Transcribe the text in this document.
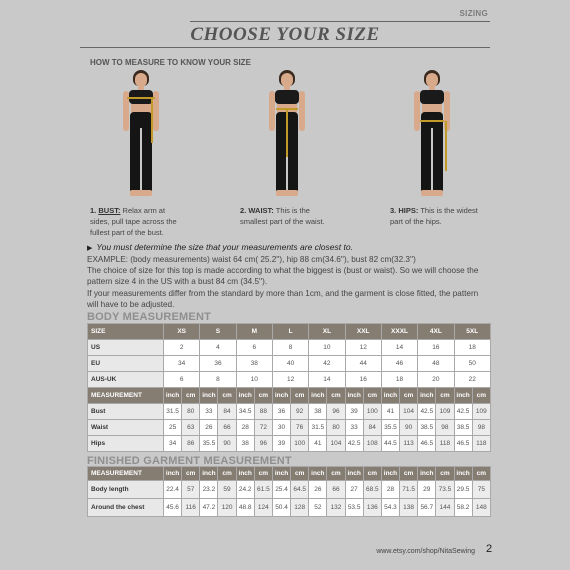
SIZING
CHOOSE YOUR SIZE
HOW TO MEASURE TO KNOW YOUR SIZE
1. BUST: Relax arm at sides, pull tape across the fullest part of the bust.
2. WAIST: This is the smallest part of the waist.
3. HIPS: This is the widest part of the hips.
▶ You must determine the size that your measurements are closest to.
EXAMPLE: (body measurements) waist 64 cm( 25.2''), hip 88 cm(34.6''), bust 82 cm(32.3'')
The choice of size for this top is made according to what the biggest is (bust or waist). So we will choose the pattern size 4 in the US with a bust 84 cm (34.5'').
If your measurements differ from the standard by more than 1cm, and the garment is close fitted, the pattern will have to be adjusted.
BODY MEASUREMENT
SIZE	XS		S		M		L		XL		XXL		XXXL		4XL		5XL	
US	2		4		6		8		10		12		14		16		18	
EU	34		36		38		40		42		44		46		48		50	
AUS-UK	6		8		10		12		14		16		18		20		22	
MEASUREMENT	inch	cm	inch	cm	inch	cm	inch	cm	inch	cm	inch	cm	inch	cm	inch	cm	inch	cm
Bust	31.5	80	33	84	34.5	88	36	92	38	96	39	100	41	104	42.5	109	42.5	109
Waist	25	63	26	66	28	72	30	76	31.5	80	33	84	35.5	90	38.5	98	38.5	98
Hips	34	86	35.5	90	38	96	39	100	41	104	42.5	108	44.5	113	46.5	118	46.5	118
FINISHED GARMENT MEASUREMENT
MEASUREMENT	inch	cm	inch	cm	inch	cm	inch	cm	inch	cm	inch	cm	inch	cm	inch	cm	inch	cm
Body length	22.4	57	23.2	59	24.2	61.5	25.4	64.5	26	66	27	68.5	28	71.5	29	73.5	29.5	75
Around the chest	45.6	116	47.2	120	48.8	124	50.4	128	52	132	53.5	136	54.3	138	56.7	144	58.2	148
www.etsy.com/shop/NitaSewing 2
